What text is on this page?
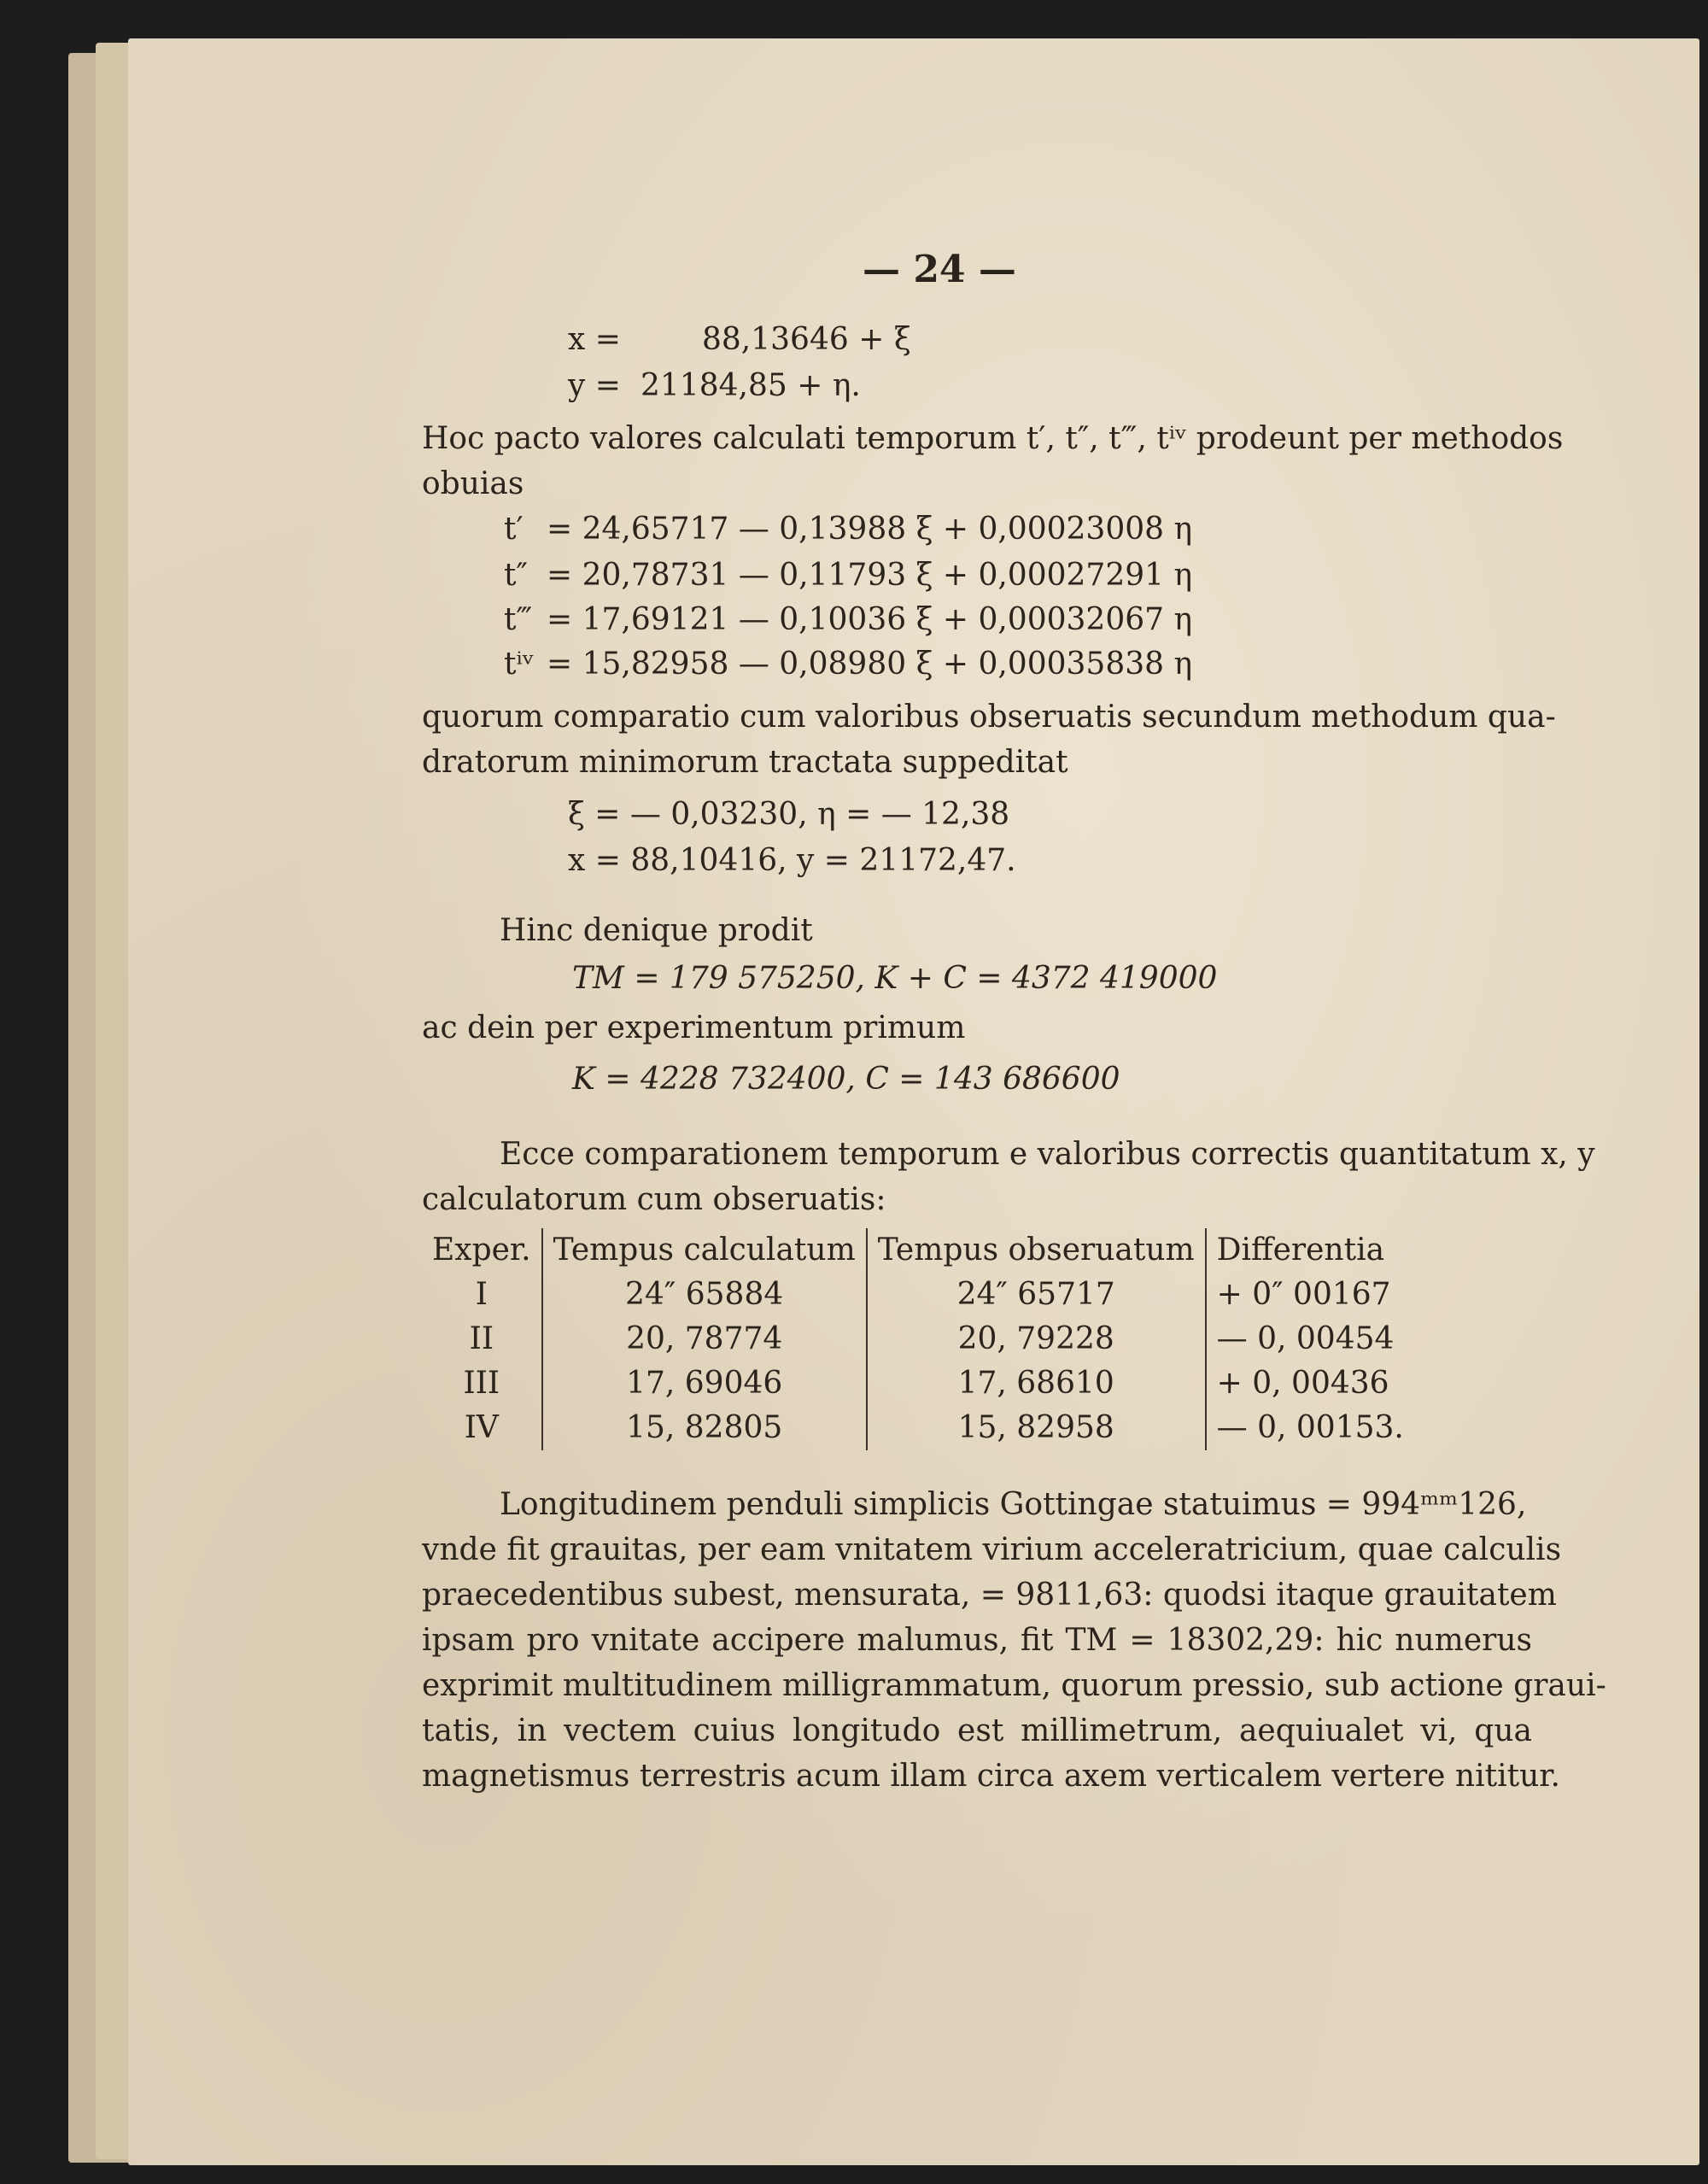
— 24 —
x =	88,13646 + ξ
y = 21184,85 + η.
Hoc pacto valores calculati temporum t′, t″, t‴, tⁱᵛ prodeunt per methodos
obuias
t′ = 24,65717 — 0,13988 ξ + 0,00023008 η
t″ = 20,78731 — 0,11793 ξ + 0,00027291 η
t‴ = 17,69121 — 0,10036 ξ + 0,00032067 η
tⁱᵛ = 15,82958 — 0,08980 ξ + 0,00035838 η
quorum comparatio cum valoribus obseruatis secundum methodum qua-
dratorum minimorum tractata suppeditat
ξ = — 0,03230, η = — 12,38
x = 88,10416, y = 21172,47.
Hinc denique prodit
TM = 179 575250, K + C = 4372 419000
ac dein per experimentum primum
K = 4228 732400, C = 143 686600
Ecce comparationem temporum e valoribus correctis quantitatum x, y
calculatorum cum obseruatis:
Exper.	Tempus calculatum	Tempus obseruatum	Differentia
I	24″ 65884	24″ 65717	+ 0″ 00167
II	20, 78774	20, 79228	— 0, 00454
III	17, 69046	17, 68610	+ 0, 00436
IV	15, 82805	15, 82958	— 0, 00153.
Longitudinem penduli simplicis Gottingae statuimus = 994ᵐᵐ126,
vnde fit grauitas, per eam vnitatem virium acceleratricium, quae calculis
praecedentibus subest, mensurata, = 9811,63: quodsi itaque grauitatem
ipsam pro vnitate accipere malumus, fit TM = 18302,29: hic numerus
exprimit multitudinem milligrammatum, quorum pressio, sub actione graui-
tatis, in vectem cuius longitudo est millimetrum, aequiualet vi, qua
magnetismus terrestris acum illam circa axem verticalem vertere nititur.
